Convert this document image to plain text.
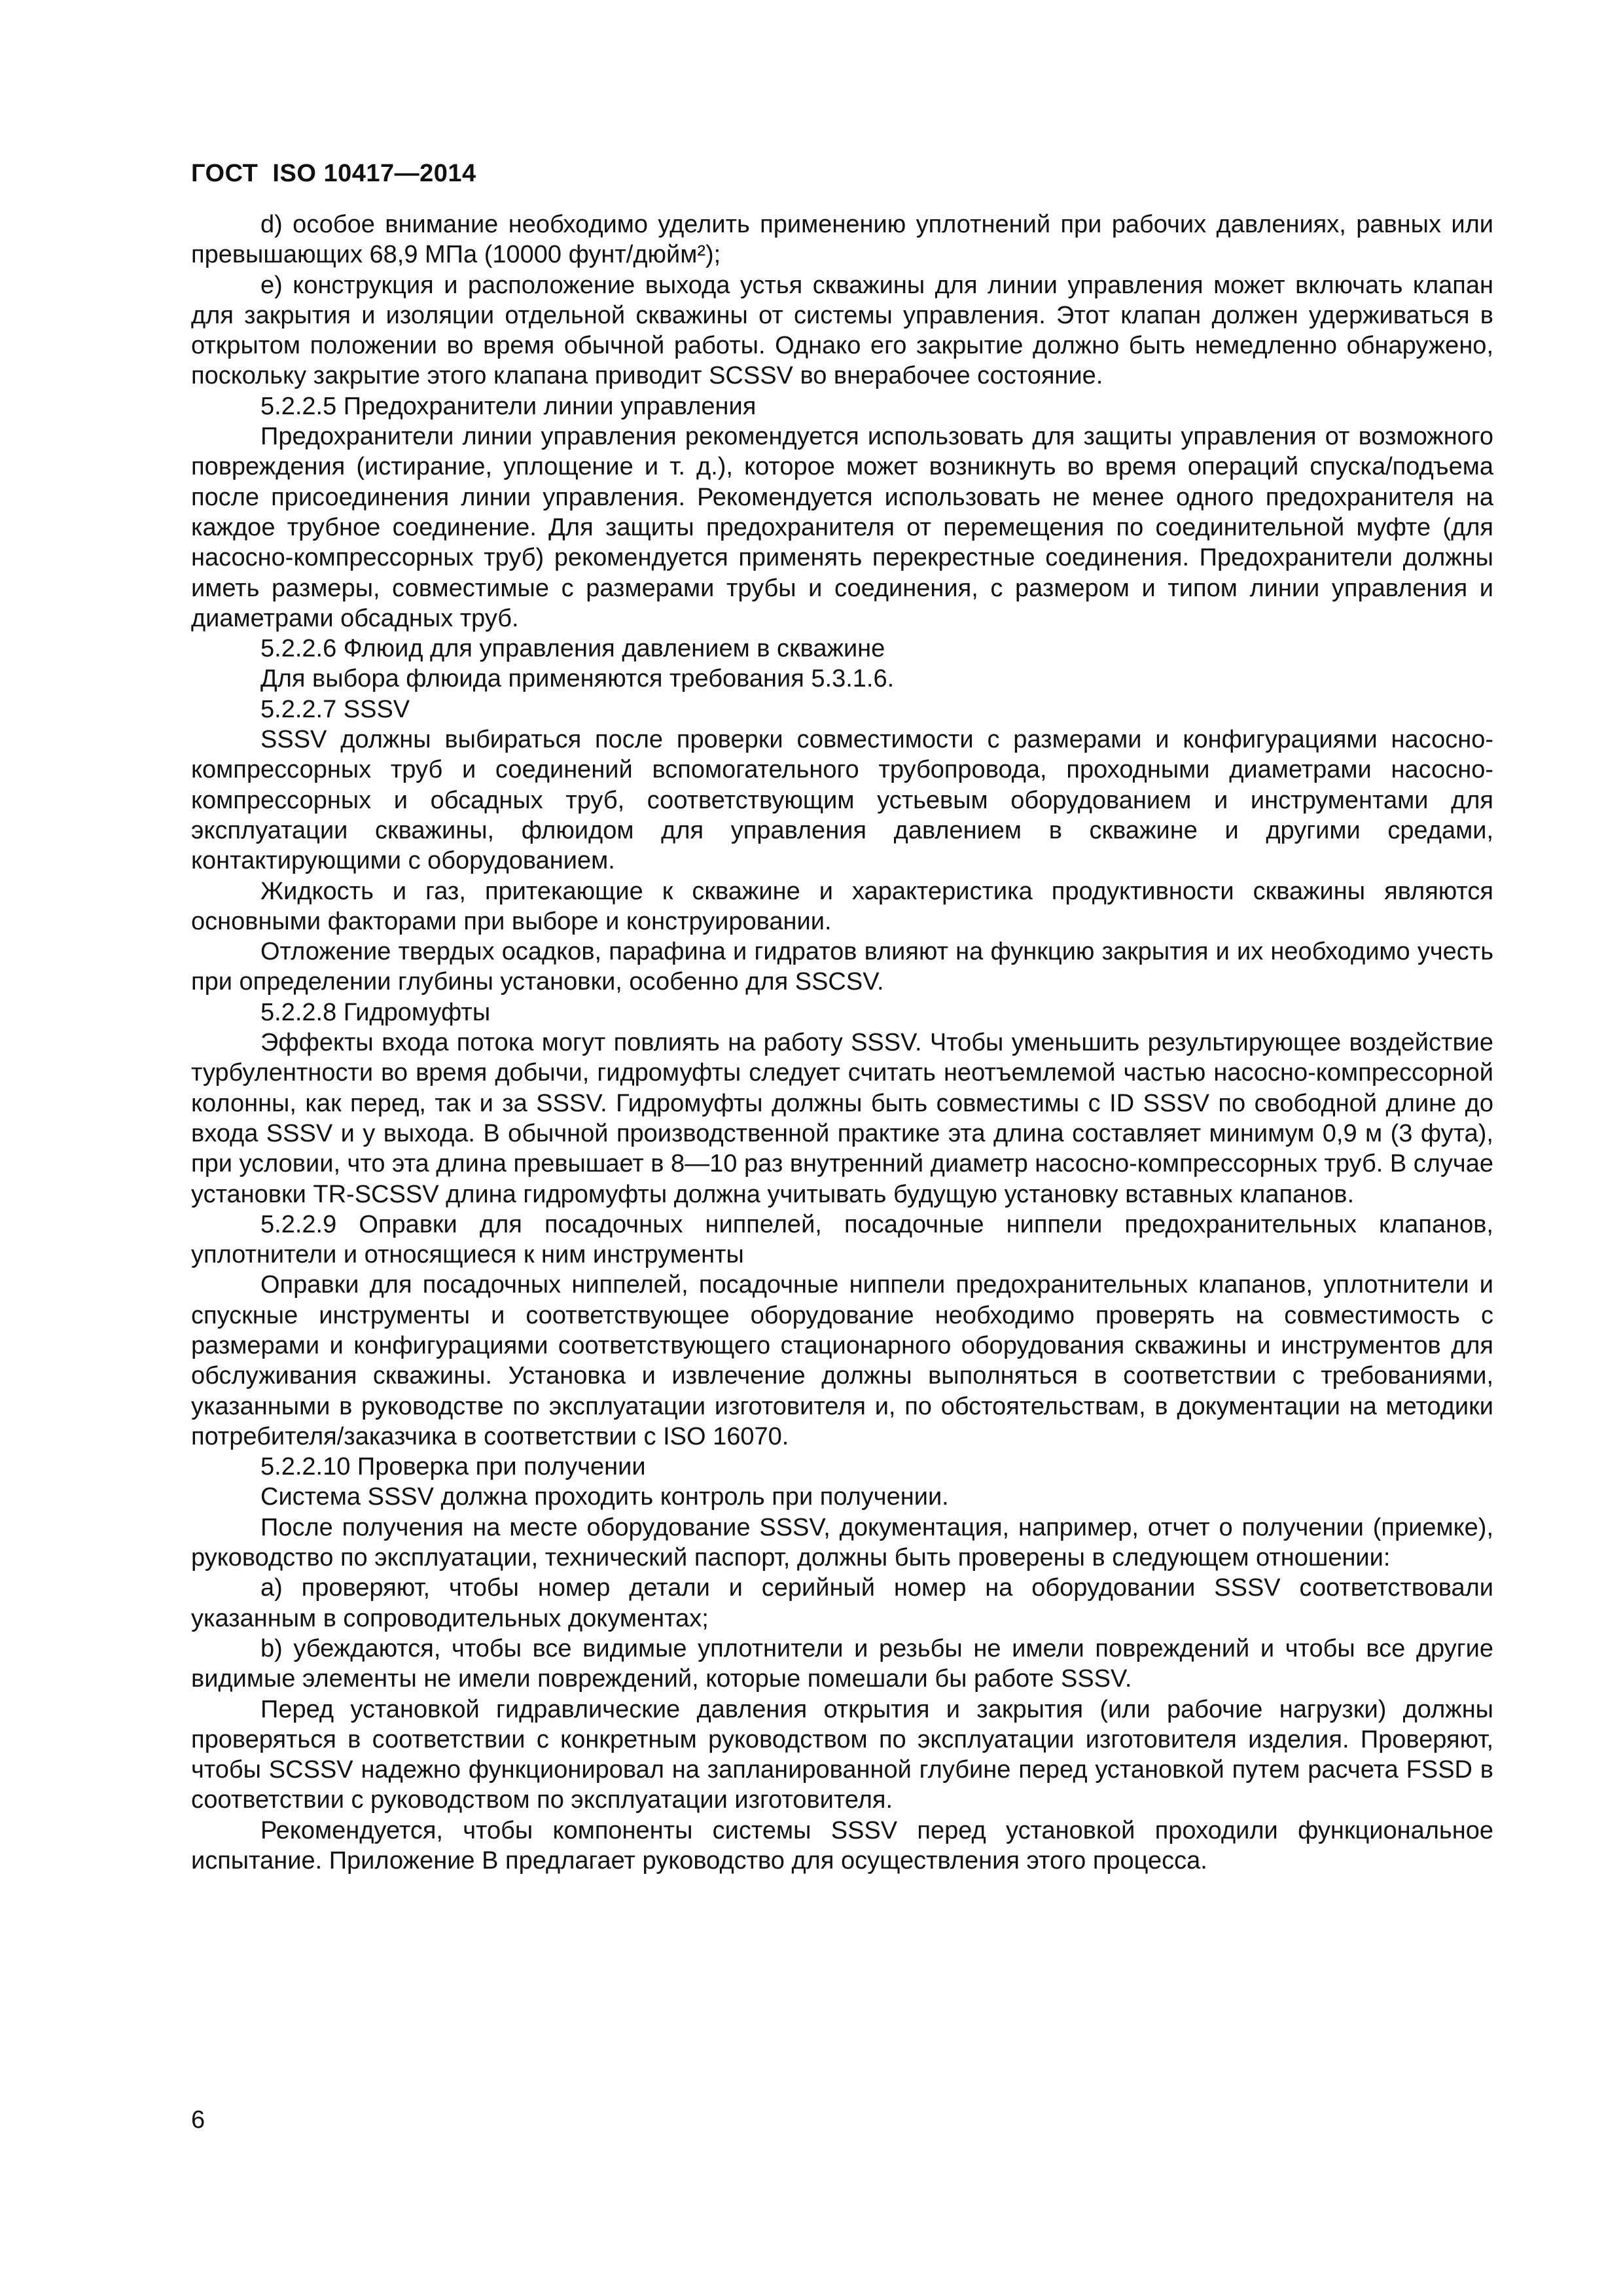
ГОСТ  ISO 10417—2014

d) особое внимание необходимо уделить применению уплотнений при рабочих давлениях, равных или превышающих 68,9 МПа (10000 фунт/дюйм²);

е) конструкция и расположение выхода устья скважины для линии управления может включать клапан для закрытия и изоляции отдельной скважины от системы управления. Этот клапан должен удерживаться в открытом положении во время обычной работы. Однако его закрытие должно быть немедленно обнаружено, поскольку закрытие этого клапана приводит SCSSV во внерабочее состояние.

5.2.2.5 Предохранители линии управления

Предохранители линии управления рекомендуется использовать для защиты управления от возможного повреждения (истирание, уплощение и т. д.), которое может возникнуть во время операций спуска/подъема после присоединения линии управления. Рекомендуется использовать не менее одного предохранителя на каждое трубное соединение. Для защиты предохранителя от перемещения по соединительной муфте (для насосно-компрессорных труб) рекомендуется применять перекрестные соединения. Предохранители должны иметь размеры, совместимые с размерами трубы и соединения, с размером и типом линии управления и диаметрами обсадных труб.

5.2.2.6 Флюид для управления давлением в скважине

Для выбора флюида применяются требования 5.3.1.6.

5.2.2.7 SSSV

SSSV должны выбираться после проверки совместимости с размерами и конфигурациями насосно-компрессорных труб и соединений вспомогательного трубопровода, проходными диаметрами насосно-компрессорных и обсадных труб, соответствующим устьевым оборудованием и инструментами для эксплуатации скважины, флюидом для управления давлением в скважине и другими средами, контактирующими с оборудованием.

Жидкость и газ, притекающие к скважине и характеристика продуктивности скважины являются основными факторами при выборе и конструировании.

Отложение твердых осадков, парафина и гидратов влияют на функцию закрытия и их необходимо учесть при определении глубины установки, особенно для SSCSV.

5.2.2.8 Гидромуфты

Эффекты входа потока могут повлиять на работу SSSV. Чтобы уменьшить результирующее воздействие турбулентности во время добычи, гидромуфты следует считать неотъемлемой частью насосно-компрессорной колонны, как перед, так и за SSSV. Гидромуфты должны быть совместимы с ID SSSV по свободной длине до входа SSSV и у выхода. В обычной производственной практике эта длина составляет минимум 0,9 м (3 фута), при условии, что эта длина превышает в 8—10 раз внутренний диаметр насосно-компрессорных труб. В случае установки TR-SCSSV длина гидромуфты должна учитывать будущую установку вставных клапанов.

5.2.2.9 Оправки для посадочных ниппелей, посадочные ниппели предохранительных клапанов, уплотнители и относящиеся к ним инструменты

Оправки для посадочных ниппелей, посадочные ниппели предохранительных клапанов, уплотнители и спускные инструменты и соответствующее оборудование необходимо проверять на совместимость с размерами и конфигурациями соответствующего стационарного оборудования скважины и инструментов для обслуживания скважины. Установка и извлечение должны выполняться в соответствии с требованиями, указанными в руководстве по эксплуатации изготовителя и, по обстоятельствам, в документации на методики потребителя/заказчика в соответствии с ISO 16070.

5.2.2.10 Проверка при получении

Система SSSV должна проходить контроль при получении.

После получения на месте оборудование SSSV, документация, например, отчет о получении (приемке), руководство по эксплуатации, технический паспорт, должны быть проверены в следующем отношении:

a) проверяют, чтобы номер детали и серийный номер на оборудовании SSSV соответствовали указанным в сопроводительных документах;

b) убеждаются, чтобы все видимые уплотнители и резьбы не имели повреждений и чтобы все другие видимые элементы не имели повреждений, которые помешали бы работе SSSV.

Перед установкой гидравлические давления открытия и закрытия (или рабочие нагрузки) должны проверяться в соответствии с конкретным руководством по эксплуатации изготовителя изделия. Проверяют, чтобы SCSSV надежно функционировал на запланированной глубине перед установкой путем расчета FSSD в соответствии с руководством по эксплуатации изготовителя.

Рекомендуется, чтобы компоненты системы SSSV перед установкой проходили функциональное испытание. Приложение В предлагает руководство для осуществления этого процесса.

6
